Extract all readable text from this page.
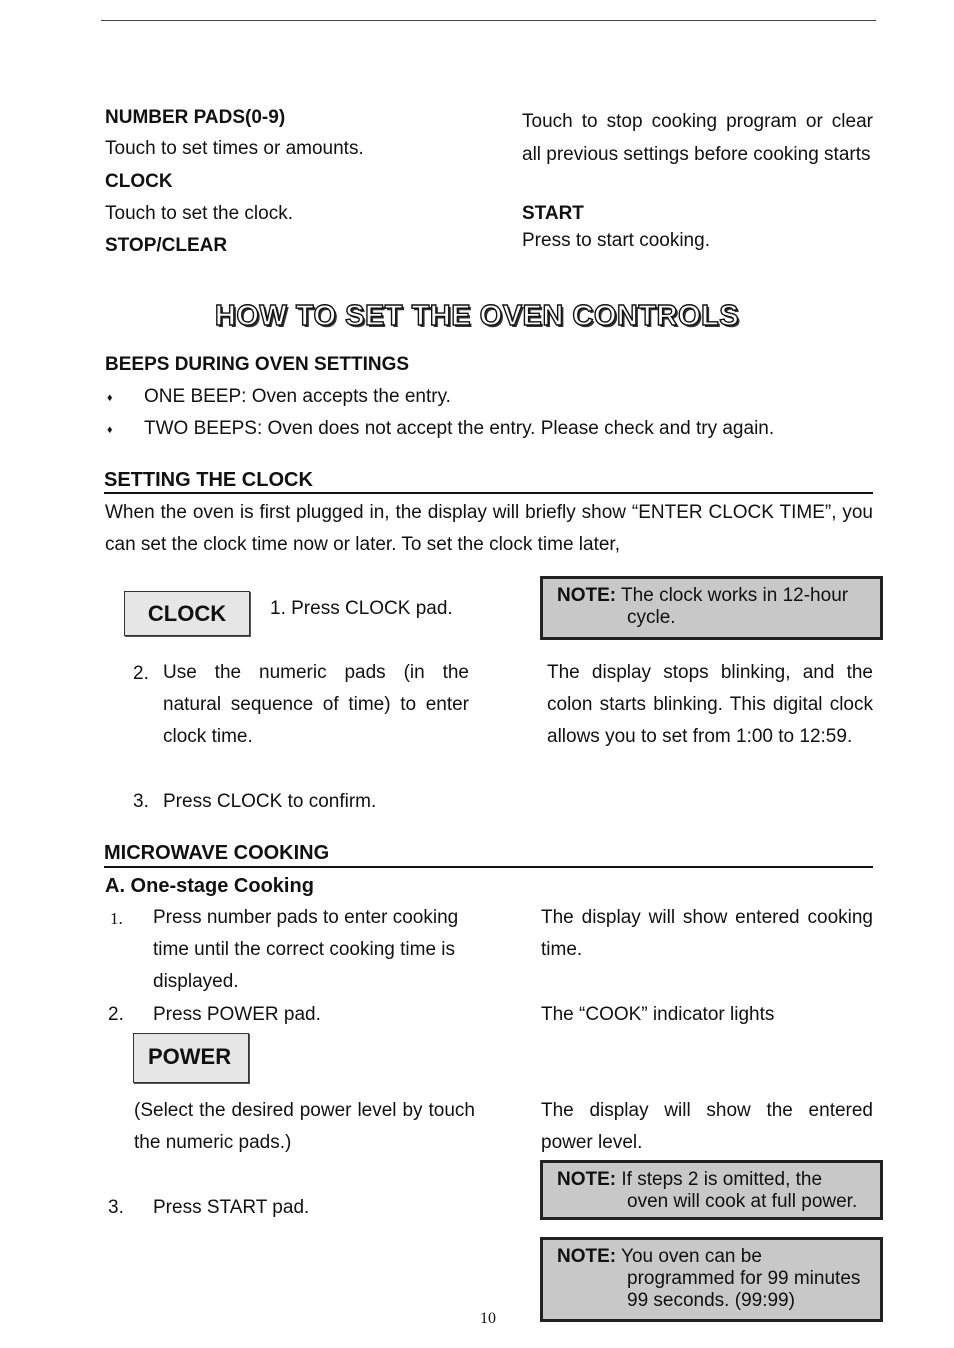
NUMBER PADS(0-9)
Touch to set times or amounts.
CLOCK
Touch to set the clock.
STOP/CLEAR
Touch to stop cooking program or clear all previous settings before cooking starts
START
Press to start cooking.
HOW TO SET THE OVEN CONTROLS
BEEPS DURING OVEN SETTINGS
♦ ONE BEEP: Oven accepts the entry.
♦ TWO BEEPS: Oven does not accept the entry. Please check and try again.
SETTING THE CLOCK
When the oven is first plugged in, the display will briefly show “ENTER CLOCK TIME”, you can set the clock time now or later. To set the clock time later,
CLOCK	1. Press CLOCK pad.
NOTE: The clock works in 12-hour
cycle.
2. Use the numeric pads (in the natural sequence of time) to enter clock time.
The display stops blinking, and the colon starts blinking. This digital clock allows you to set from 1:00 to 12:59.
3. Press CLOCK to confirm.
MICROWAVE COOKING
A. One-stage Cooking
1. Press number pads to enter cooking time until the correct cooking time is displayed.
The display will show entered cooking time.
2. Press POWER pad.	The “COOK” indicator lights
POWER
(Select the desired power level by touch the numeric pads.)
The display will show the entered power level.
NOTE: If steps 2 is omitted, the
oven will cook at full power.
3. Press START pad.
NOTE: You oven can be
programmed for 99 minutes
99 seconds. (99:99)
10
